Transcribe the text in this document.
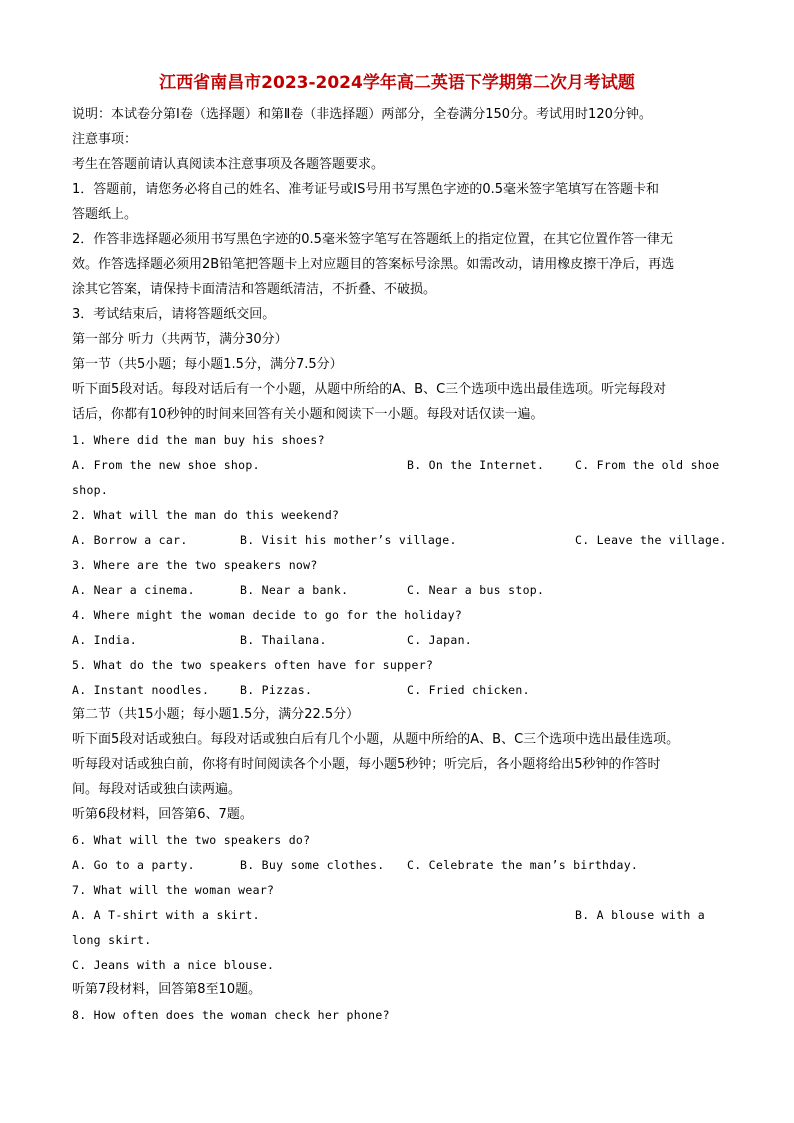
江西省南昌市2023-2024学年高二英语下学期第二次月考试题
说明：本试卷分第Ⅰ卷（选择题）和第Ⅱ卷（非选择题）两部分，全卷满分150分。考试用时120分钟。
注意事项：
考生在答题前请认真阅读本注意事项及各题答题要求。
1．答题前，请您务必将自己的姓名、准考证号或IS号用书写黑色字迹的0.5毫米签字笔填写在答题卡和
答题纸上。
2．作答非选择题必须用书写黑色字迹的0.5毫米签字笔写在答题纸上的指定位置，在其它位置作答一律无
效。作答选择题必须用2B铅笔把答题卡上对应题目的答案标号涂黑。如需改动，请用橡皮擦干净后，再选
涂其它答案，请保持卡面清洁和答题纸清洁，不折叠、不破损。
3．考试结束后，请将答题纸交回。
第一部分 听力（共两节，满分30分）
第一节（共5小题；每小题1.5分，满分7.5分）
听下面5段对话。每段对话后有一个小题，从题中所给的A、B、C三个选项中选出最佳选项。听完每段对
话后，你都有10秒钟的时间来回答有关小题和阅读下一小题。每段对话仅读一遍。
1. Where did the man buy his shoes?
A. From the new shoe shop.	B. On the Internet.	C. From the old shoe
shop.
2. What will the man do this weekend?
A. Borrow a car.	B. Visit his mother’s village.	C. Leave the village.
3. Where are the two speakers now?
A. Near a cinema.	B. Near a bank.	C. Near a bus stop.
4. Where might the woman decide to go for the holiday?
A. India.	B. Thailana.	C. Japan.
5. What do the two speakers often have for supper?
A. Instant noodles.	B. Pizzas.	C. Fried chicken.
第二节（共15小题；每小题1.5分，满分22.5分）
听下面5段对话或独白。每段对话或独白后有几个小题，从题中所给的A、B、C三个选项中选出最佳选项。
听每段对话或独白前，你将有时间阅读各个小题，每小题5秒钟；听完后，各小题将给出5秒钟的作答时
间。每段对话或独白读两遍。
听第6段材料，回答第6、7题。
6. What will the two speakers do?
A. Go to a party.	B. Buy some clothes. C. Celebrate the man’s birthday.
7. What will the woman wear?
A. A T-shirt with a skirt.	B. A blouse with a
long skirt.
C. Jeans with a nice blouse.
听第7段材料，回答第8至10题。
8. How often does the woman check her phone?
